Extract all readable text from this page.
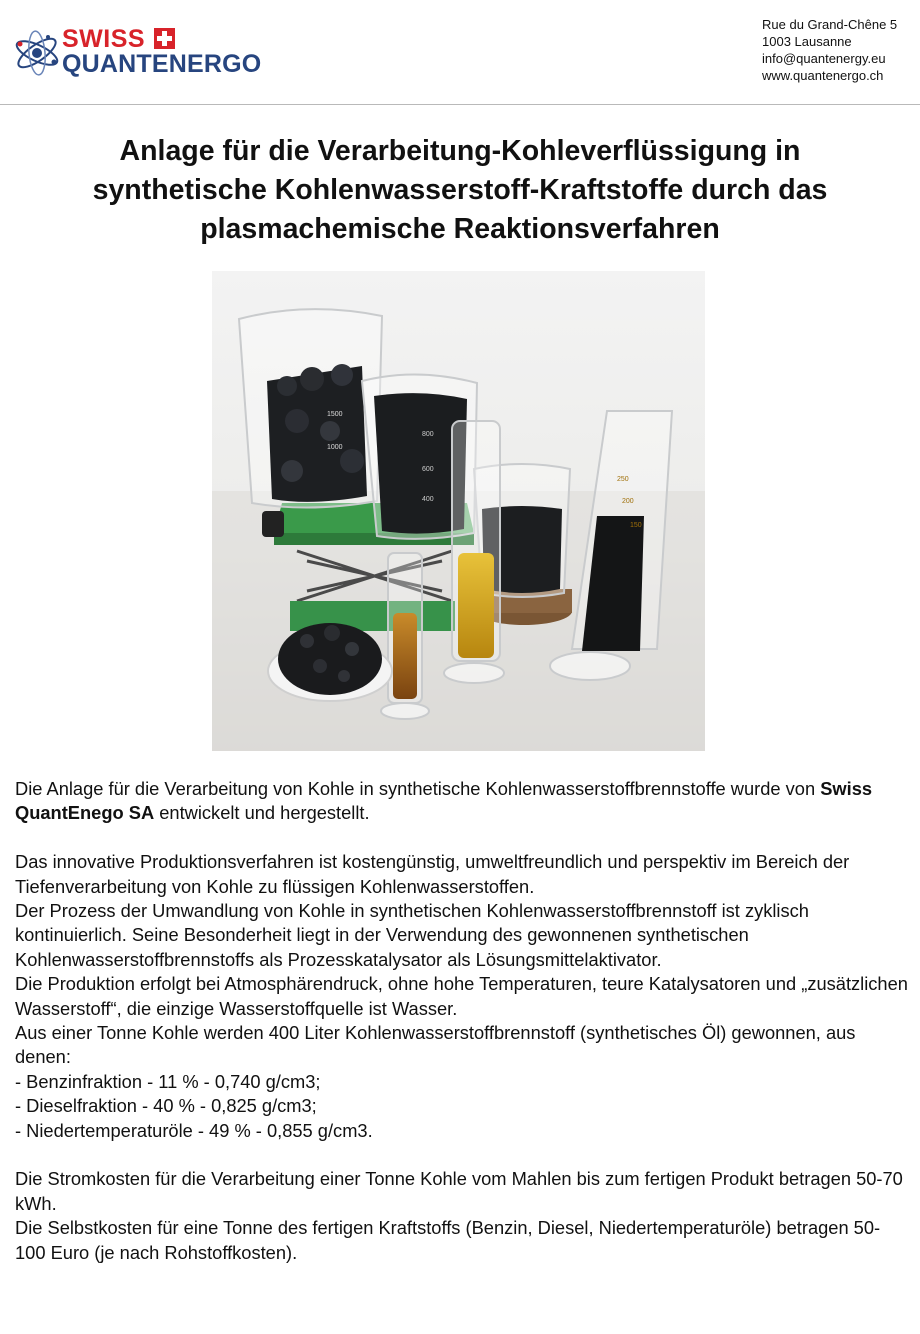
SWISS
QUANTENERGO
Rue du Grand-Chêne 5
1003 Lausanne
info@quantenergy.eu
www.quantenergo.ch
Anlage für die Verarbeitung-Kohleverflüssigung in
synthetische Kohlenwasserstoff-Kraftstoffe durch das
plasmachemische Reaktionsverfahren
1500
1000
800
600
400
250
200
150

Die Anlage für die Verarbeitung von Kohle in synthetische Kohlenwasserstoffbrennstoffe wurde von Swiss QuantEnego SA entwickelt und hergestellt.

Das innovative Produktionsverfahren ist kostengünstig, umweltfreundlich und perspektiv im Bereich der Tiefenverarbeitung von Kohle zu flüssigen Kohlenwasserstoffen.

Der Prozess der Umwandlung von Kohle in synthetischen Kohlenwasserstoffbrennstoff ist zyklisch kontinuierlich. Seine Besonderheit liegt in der Verwendung des gewonnenen synthetischen Kohlenwasserstoffbrennstoffs als Prozesskatalysator als Lösungsmittelaktivator.

Die Produktion erfolgt bei Atmosphärendruck, ohne hohe Temperaturen, teure Katalysatoren und „zusätzlichen Wasserstoff“, die einzige Wasserstoffquelle ist Wasser.

Aus einer Tonne Kohle werden 400 Liter Kohlenwasserstoffbrennstoff (synthetisches Öl) gewonnen, aus denen:

- Benzinfraktion - 11 % - 0,740 g/cm3;

- Dieselfraktion - 40 % - 0,825 g/cm3;

- Niedertemperaturöle - 49 % - 0,855 g/cm3.

Die Stromkosten für die Verarbeitung einer Tonne Kohle vom Mahlen bis zum fertigen Produkt betragen 50-70 kWh.

Die Selbstkosten für eine Tonne des fertigen Kraftstoffs (Benzin, Diesel, Niedertemperaturöle) betragen 50-100 Euro (je nach Rohstoffkosten).
